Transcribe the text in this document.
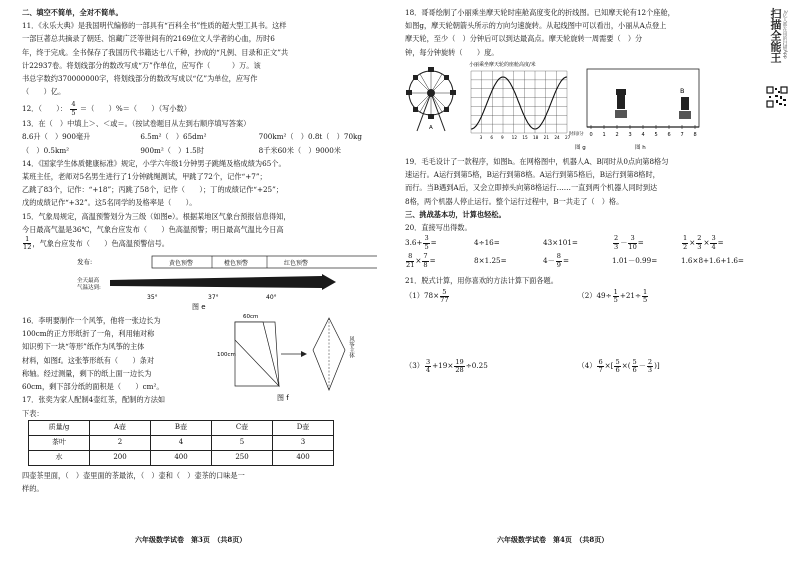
二、填空不简单，全对不简单。
11．《永乐大典》是我国明代编修的一部具有“百科全书”性质的超大型工具书。这样
一部巨著总共摘录了朝廷、馆藏广泛等世间有的2169位文人学者的心血，历时6
年，终于完成。全书保存了我国历代书籍达七八千种，抄成的“凡例、目录和正文”共
计22937卷。将划线部分的数改写成“万”作单位，应写作（　　　）万。该
书总字数约370000000字，将划线部分的数改写成以“亿”为单位，应写作
（　　）亿。
12．（　　）： $\frac{4}{5}$ ＝（　　）%＝（　　）（写小数）
13．在（　）中填上＞、＜或＝。（按试卷题目从左到右顺序填写答案）
8.6升（　）900毫升	6.5m²（　）65dm²	700km²（　）0.8t（　）70kg
（　）0.5km²	900m²（　）1.5时	8千米60米（　）9000米
14．《国家学生体质健康标准》规定，小学六年级1分钟男子跳绳及格成绩为65个。
某班主任，老师对5名男生进行了1分钟跳绳测试，甲跳了72个，记作“+7”；
乙跳了83个，记作：“+18”；丙跳了58个，记作（　　）；丁的成绩记作“+25”；
戊的成绩记作“+32”。这5名同学的及格率是（　　）。
15．气象局规定，高温预警划分为三级（如图e）。根据某地区气象台预报信息得知，
今日最高气温是36℃，气象台应发布（　　）色高温预警；明日最高气温比今日高
$\frac{1}{12}$ ，气象台应发布（　　）色高温预警信号。
发布:
全天最高
气温达到:
黄色预警	橙色预警	红色预警
35°	37°	40°
图 e
16．李明要制作一个风筝，他将一张边长为
100cm的正方形纸折了一角，利用轴对称
知识剪下一块“等形”纸作为风筝的主体
材料，如图f。这张筝形纸有（　　）条对
称轴。经过测量，剩下的纸上面一边长为
60cm，剩下部分纸的面积是（　　）cm²。
60cm
100cm	风筝主体
图 f
17．张奕为家人配制4壶红茶，配制的方法如
下表：
质量/g	A壶	B壶	C壶	D壶
茶叶	2	4	5	3
水	200	400	250	400
四壶茶里面，（　）壶里面的茶最浓，（　）壶和（　）壶茶的口味是一
样的。
六年级数学试卷　第3页　（共8页）
18．哥哥绘制了小丽乘坐摩天轮时座舱高度变化的折线图。已知摩天轮有12个座舱，
如图g，摩天轮朝箭头所示的方向匀速旋转。从起线图中可以看出，小丽从A点登上
摩天轮，至少（　）分钟后可以到达最高点。摩天轮旋转一周需要（　）分
钟，每分钟旋转（　　）度。
A
小丽乘坐摩天轮的座舱高度/米
3 6 9 12 15 18 21 24 27
时间/分
图 g
0 1 2 3 4 5 6 7 8
A
B
图 h
19．毛毛设计了一款程序，如图h。在网格图中，机器人A、B同时从0点向第8格匀
速运行。A运行到第5格，B运行到第8格。A运行到第5格后，B运行到第8格时，
而行。当B遇到A后，又会立即掉头向第8格运行……一直到两个机器人同时到达
8格，两个机器人停止运行。整个运行过程中，B一共走了（　）格。
三、挑战基本功，计算也轻松。
20．直接写出得数。
$3.6+ \frac{3}{5}$ =	4÷16=	43×101=	$\frac{2}{3} - \frac{3}{10}$ =	$\frac{1}{2} \times \frac{2}{3} \times \frac{3}{4}$ =
$\frac{8}{21} \times \frac{7}{8}$ =	8×1.25=	$4- \frac{8}{9}$ =	1.01－0.99=	1.6×8+1.6+1.6=
21．脱式计算，用你喜欢的方法计算下面各题。
$(1)78\times \frac{5}{77}$	$(2)49\div \frac{1}{5} +21\div \frac{1}{5}$
$(3) \frac{3}{4} +19\times \frac{19}{28} \div 0.25$	$(4) \frac{6}{7}$ ×[ $\frac{5}{6}$ ×( $\frac{5}{6} - \frac{2}{3}$ )]
扫描全能王 3亿人都在用的扫描App
六年级数学试卷　第4页　（共8页）
